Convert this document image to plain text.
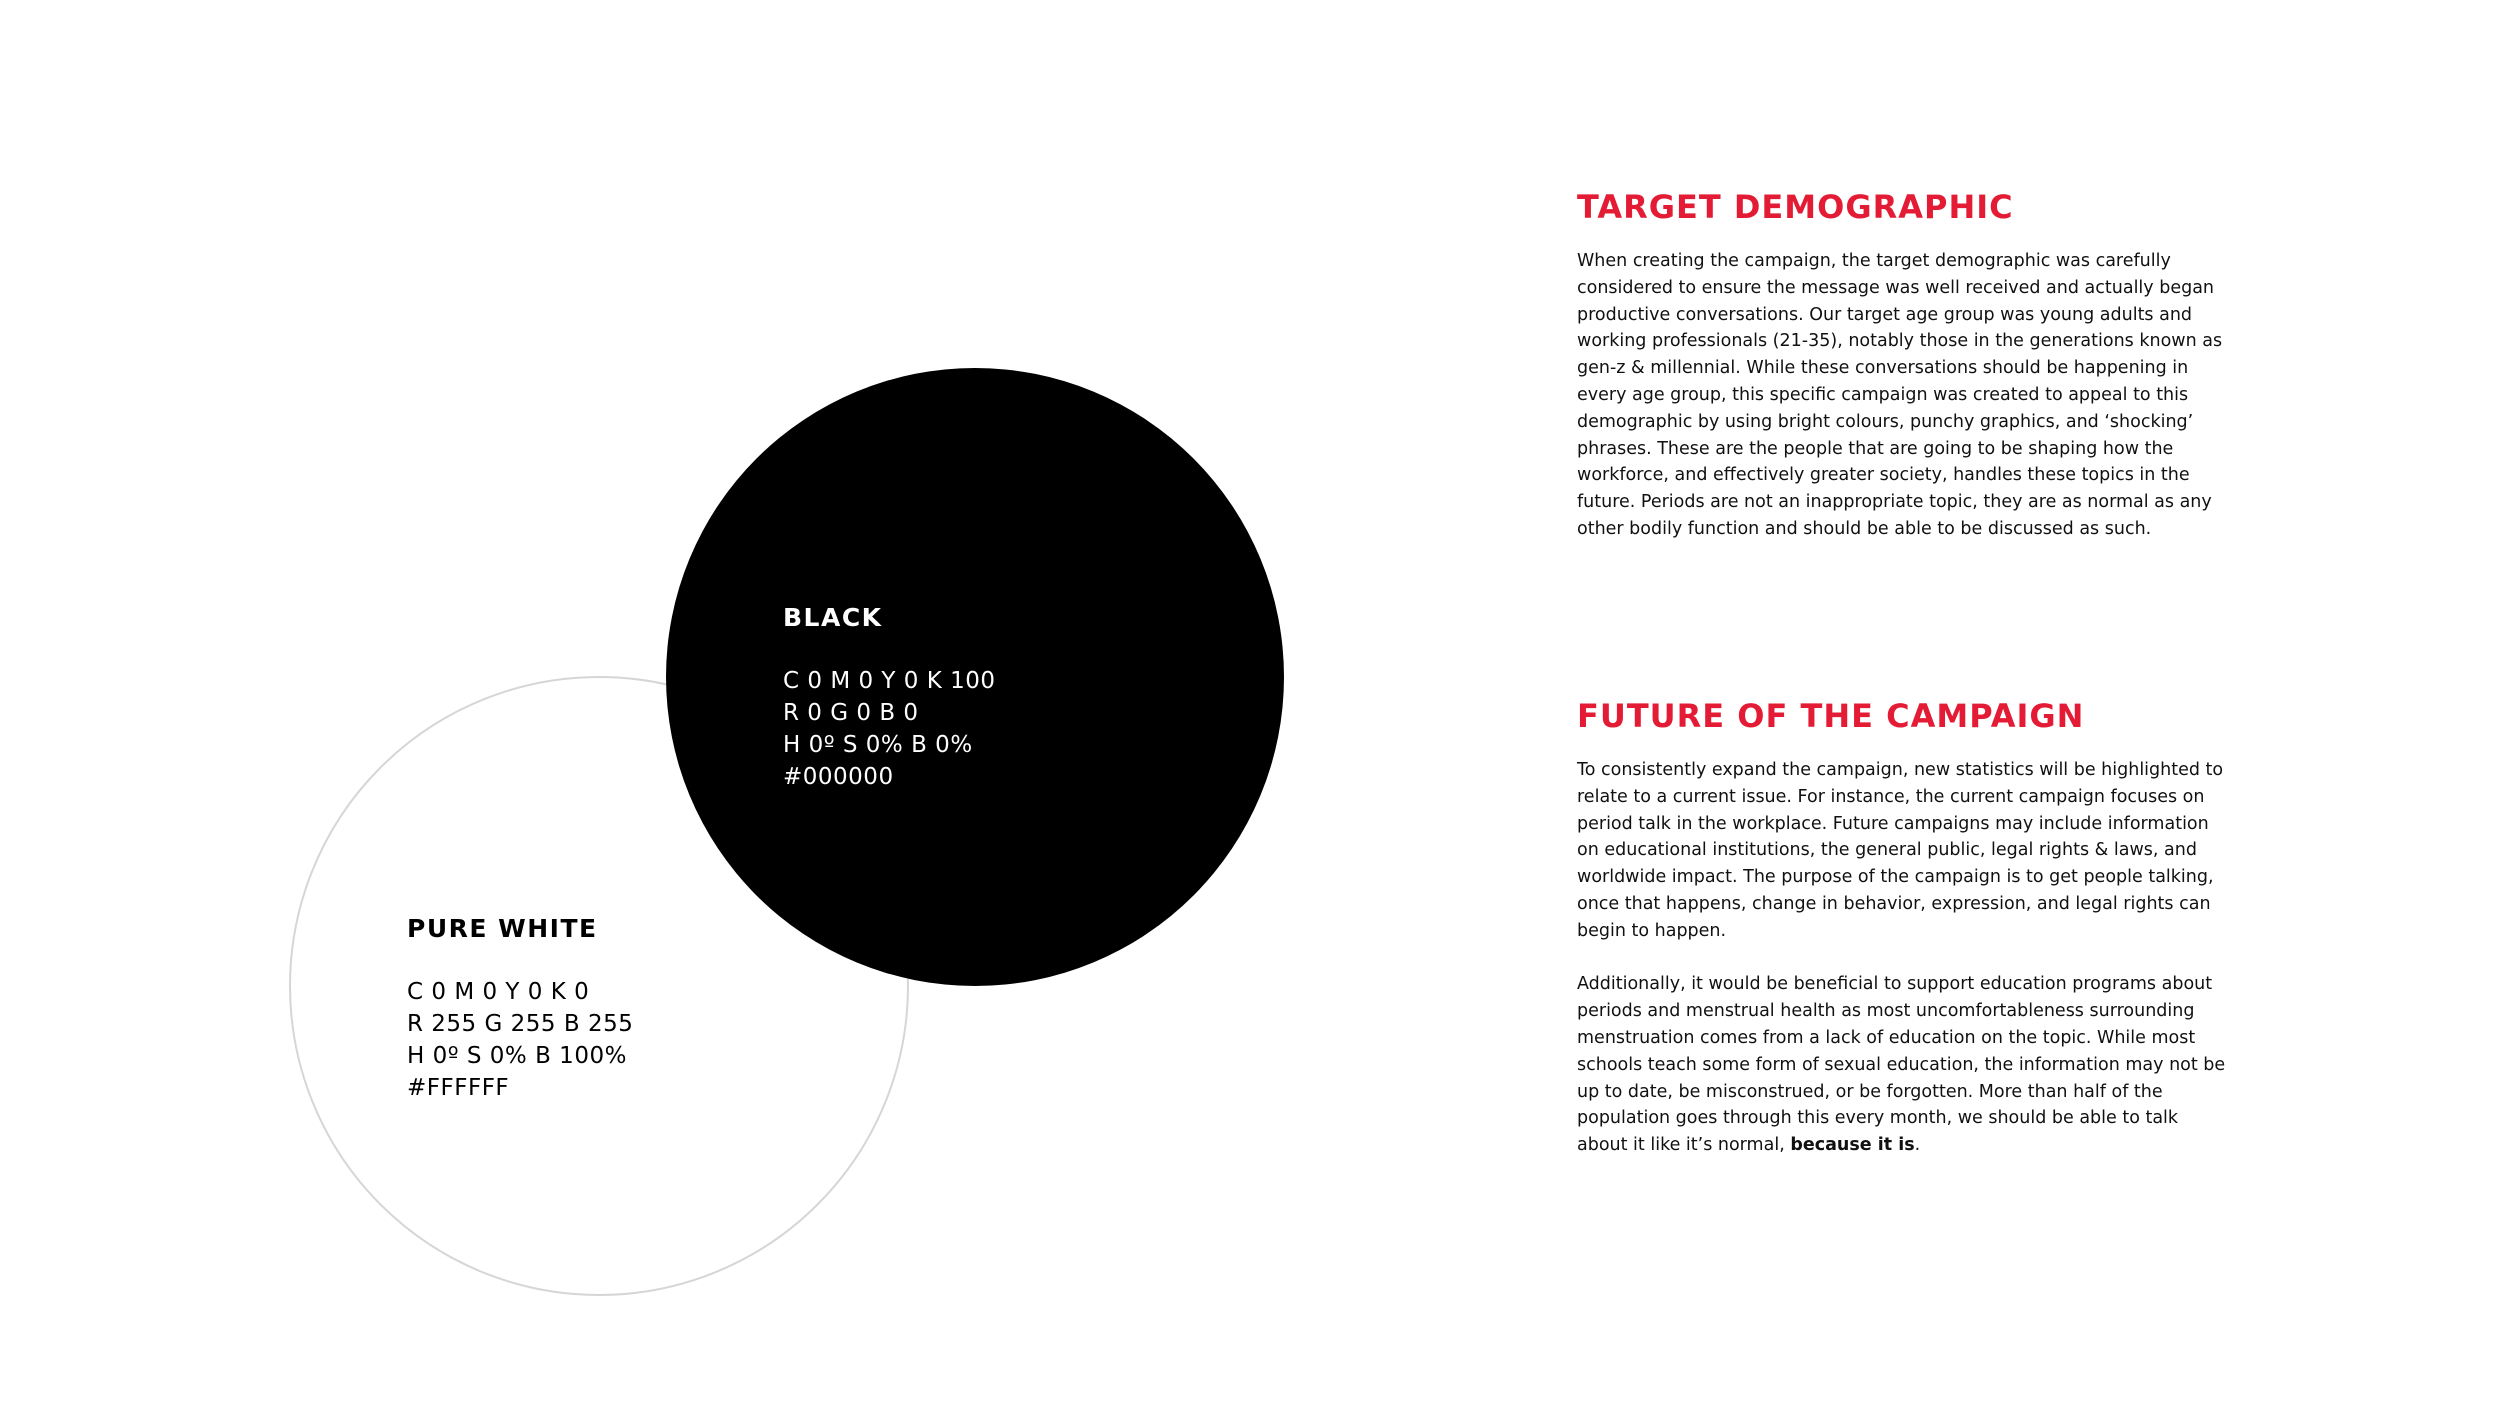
BLACK
C 0 M 0 Y 0 K 100
R 0 G 0 B 0
H 0º S 0% B 0%
#000000
PURE WHITE
C 0 M 0 Y 0 K 0
R 255 G 255 B 255
H 0º S 0% B 100%
#FFFFFF
TARGET DEMOGRAPHIC

When creating the campaign, the target demographic was carefully considered to ensure the message was well received and actually began productive conversations. Our target age group was young adults and working professionals (21-35), notably those in the generations known as gen-z & millennial. While these conversations should be happening in every age group, this specific campaign was created to appeal to this demographic by using bright colours, punchy graphics, and ‘shocking’ phrases. These are the people that are going to be shaping how the workforce, and effectively greater society, handles these topics in the future. Periods are not an inappropriate topic, they are as normal as any other bodily function and should be able to be discussed as such.

FUTURE OF THE CAMPAIGN

To consistently expand the campaign, new statistics will be highlighted to relate to a current issue. For instance, the current campaign focuses on period talk in the workplace. Future campaigns may include information on educational institutions, the general public, legal rights & laws, and worldwide impact. The purpose of the campaign is to get people talking, once that happens, change in behavior, expression, and legal rights can begin to happen.

Additionally, it would be beneficial to support education programs about periods and menstrual health as most uncomfortableness surrounding menstruation comes from a lack of education on the topic. While most schools teach some form of sexual education, the information may not be up to date, be misconstrued, or be forgotten. More than half of the population goes through this every month, we should be able to talk about it like it’s normal, because it is.
